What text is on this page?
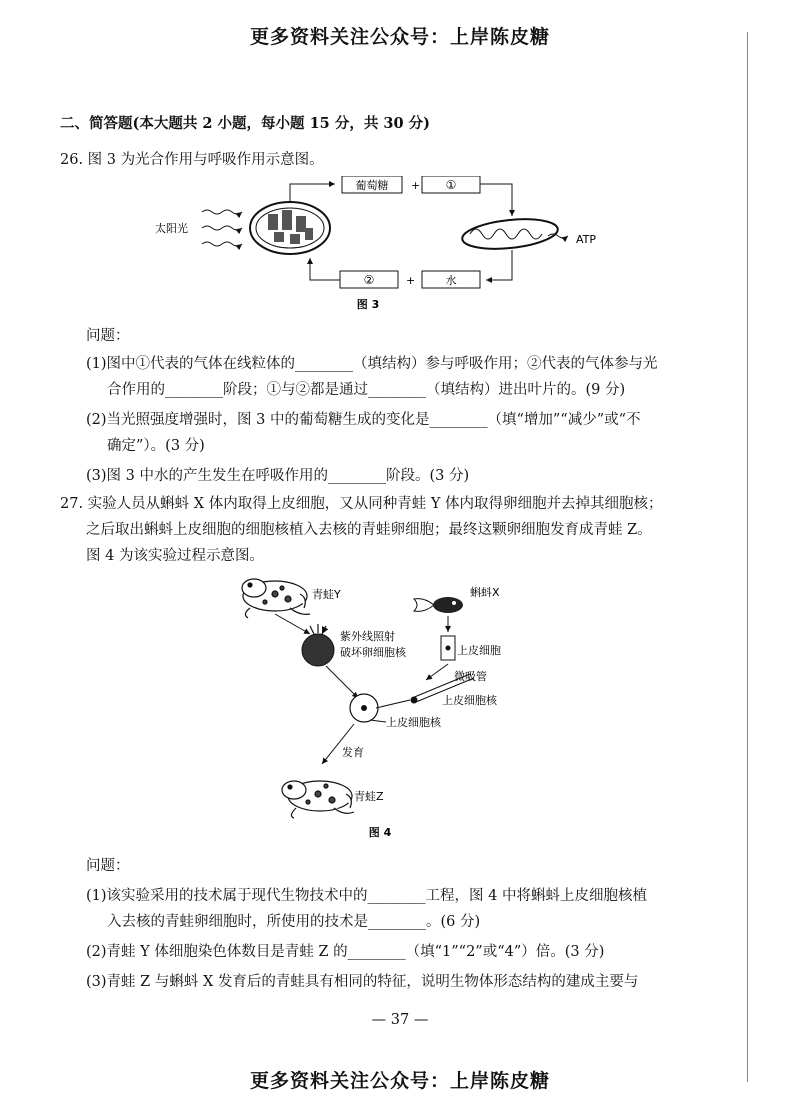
更多资料关注公众号：上岸陈皮糖
二、简答题(本大题共 2 小题，每小题 15 分，共 30 分)
26. 图 3 为光合作用与呼吸作用示意图。
太阳光
葡萄糖 + ①
ATP
水
+
②
图 3
问题：
(1)图中①代表的气体在线粒体的________（填结构）参与呼吸作用；②代表的气体参与光
合作用的________阶段；①与②都是通过________（填结构）进出叶片的。(9 分)
(2)当光照强度增强时，图 3 中的葡萄糖生成的变化是________（填“增加”“减少”或“不
确定”）。(3 分)
(3)图 3 中水的产生发生在呼吸作用的________阶段。(3 分)
27. 实验人员从蝌蚪 X 体内取得上皮细胞，又从同种青蛙 Y 体内取得卵细胞并去掉其细胞核；
之后取出蝌蚪上皮细胞的细胞核植入去核的青蛙卵细胞；最终这颗卵细胞发育成青蛙 Z。
图 4 为该实验过程示意图。
青蛙Y
紫外线照射
破坏卵细胞核
蝌蚪X
上皮细胞
微吸管
上皮细胞核
上皮细胞核
发育
青蛙Z
图 4
问题：
(1)该实验采用的技术属于现代生物技术中的________工程，图 4 中将蝌蚪上皮细胞核植
入去核的青蛙卵细胞时，所使用的技术是________。(6 分)
(2)青蛙 Y 体细胞染色体数目是青蛙 Z 的________（填“1”“2”或“4”）倍。(3 分)
(3)青蛙 Z 与蝌蚪 X 发育后的青蛙具有相同的特征，说明生物体形态结构的建成主要与
— 37 —
更多资料关注公众号：上岸陈皮糖
